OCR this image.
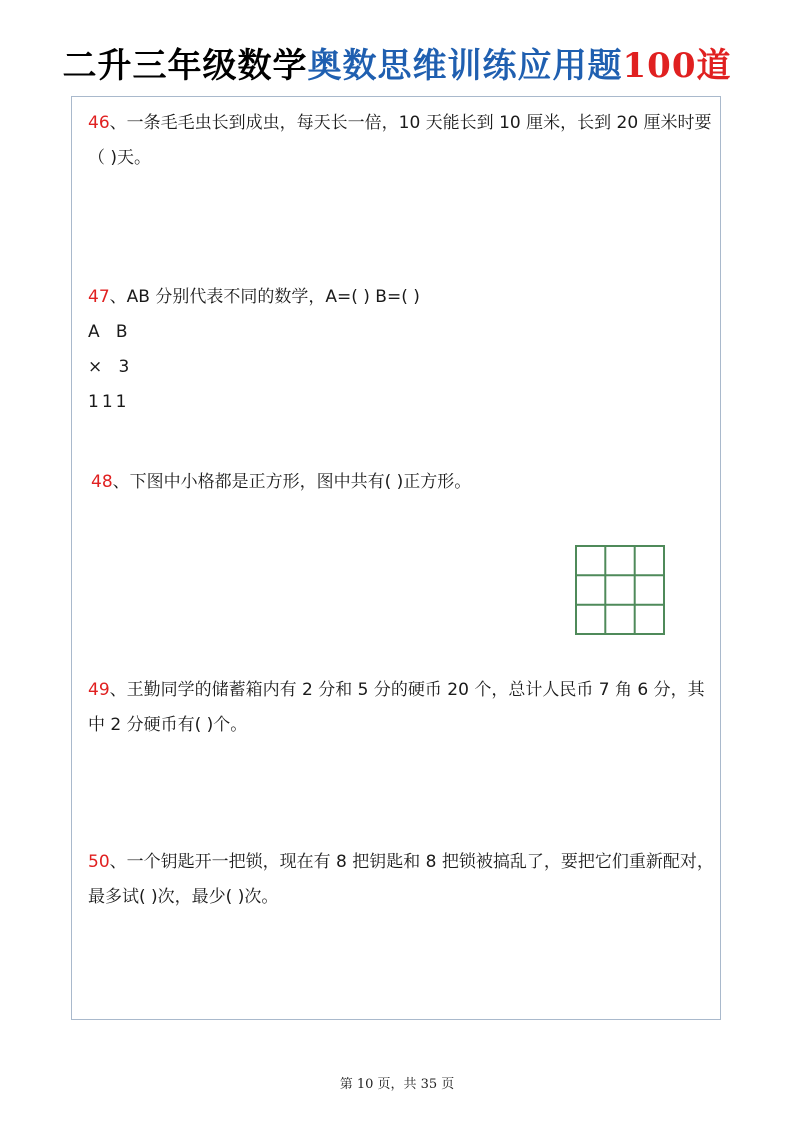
二升三年级数学奥数思维训练应用题100道
46、一条毛毛虫长到成虫，每天长一倍，10 天能长到 10 厘米，长到 20 厘米时要（ )天。
47、AB 分别代表不同的数学，A=( ) B=( )
A   B
×   3
111
48、下图中小格都是正方形，图中共有( )正方形。
49、王勤同学的储蓄箱内有 2 分和 5 分的硬币 20 个，总计人民币 7 角 6 分，其中 2 分硬币有( )个。
50、一个钥匙开一把锁，现在有 8 把钥匙和 8 把锁被搞乱了，要把它们重新配对，最多试( )次，最少( )次。
第 10 页，共 35 页
